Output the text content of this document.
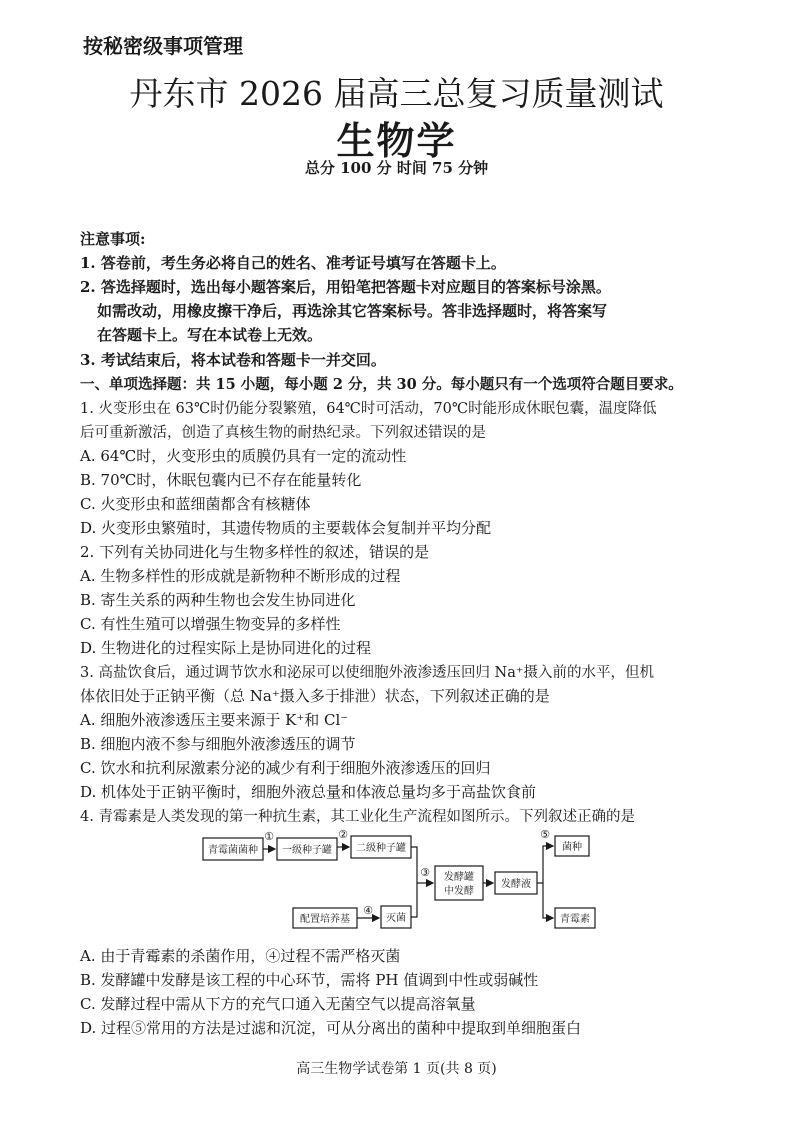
按秘密级事项管理
丹东市 2026 届高三总复习质量测试
生物学
总分 100 分 时间 75 分钟
注意事项:
1. 答卷前，考生务必将自己的姓名、准考证号填写在答题卡上。
2. 答选择题时，选出每小题答案后，用铅笔把答题卡对应题目的答案标号涂黑。
如需改动，用橡皮擦干净后，再选涂其它答案标号。答非选择题时，将答案写
在答题卡上。写在本试卷上无效。
3. 考试结束后，将本试卷和答题卡一并交回。
一、单项选择题：共 15 小题，每小题 2 分，共 30 分。每小题只有一个选项符合题目要求。
1. 火变形虫在 63℃时仍能分裂繁殖，64℃时可活动，70℃时能形成休眠包囊，温度降低
后可重新激活，创造了真核生物的耐热纪录。下列叙述错误的是
A. 64℃时，火变形虫的质膜仍具有一定的流动性
B. 70℃时，休眠包囊内已不存在能量转化
C. 火变形虫和蓝细菌都含有核糖体
D. 火变形虫繁殖时，其遗传物质的主要载体会复制并平均分配
2. 下列有关协同进化与生物多样性的叙述，错误的是
A. 生物多样性的形成就是新物种不断形成的过程
B. 寄生关系的两种生物也会发生协同进化
C. 有性生殖可以增强生物变异的多样性
D. 生物进化的过程实际上是协同进化的过程
3. 高盐饮食后，通过调节饮水和泌尿可以使细胞外液渗透压回归 Na⁺摄入前的水平，但机
体依旧处于正钠平衡（总 Na⁺摄入多于排泄）状态，下列叙述正确的是
A. 细胞外液渗透压主要来源于 K⁺和 Cl⁻
B. 细胞内液不参与细胞外液渗透压的调节
C. 饮水和抗利尿激素分泌的减少有利于细胞外液渗透压的回归
D. 机体处于正钠平衡时，细胞外液总量和体液总量均多于高盐饮食前
4. 青霉素是人类发现的第一种抗生素，其工业化生产流程如图所示。下列叙述正确的是
青霉菌菌种 一级种子罐 二级种子罐
发酵罐
中发酵
发酵液
菌种
青霉素
配置培养基	灭菌
①	②
③
④
⑤
A. 由于青霉素的杀菌作用，④过程不需严格灭菌
B. 发酵罐中发酵是该工程的中心环节，需将 PH 值调到中性或弱碱性
C. 发酵过程中需从下方的充气口通入无菌空气以提高溶氧量
D. 过程⑤常用的方法是过滤和沉淀，可从分离出的菌种中提取到单细胞蛋白
高三生物学试卷第 1 页(共 8 页)
